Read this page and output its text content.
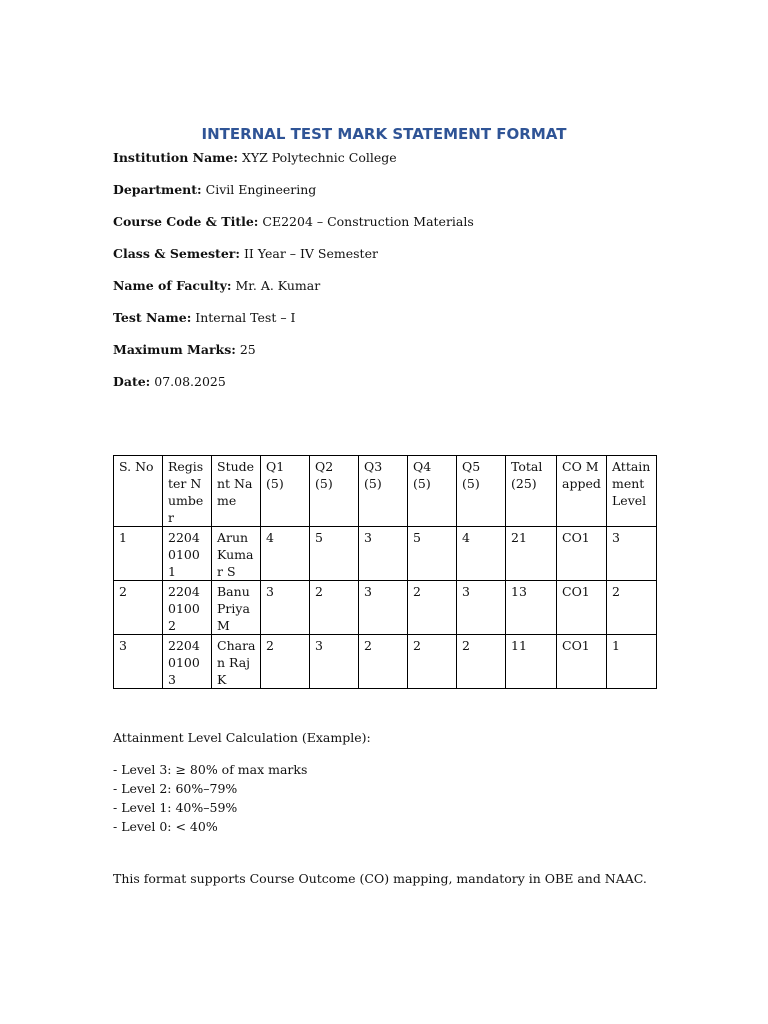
INTERNAL TEST MARK STATEMENT FORMAT
Institution Name: XYZ Polytechnic College
Department: Civil Engineering
Course Code & Title: CE2204 – Construction Materials
Class & Semester: II Year – IV Semester
Name of Faculty: Mr. A. Kumar
Test Name: Internal Test – I
Maximum Marks: 25
Date: 07.08.2025
S. No	Register Number	Student Name	Q1 (5)	Q2 (5)	Q3 (5)	Q4 (5)	Q5 (5)	Total (25)	CO Mapped	Attainment Level
1	22040100 1	Arun Kumar S	4	5	3	5	4	21	CO1	3
2	22040100 2	Banu Priya M	3	2	3	2	3	13	CO1	2
3	22040100 3	Charan Raj K	2	3	2	2	2	11	CO1	1
Attainment Level Calculation (Example):
- Level 3: ≥ 80% of max marks
- Level 2: 60%–79%
- Level 1: 40%–59%
- Level 0: < 40%
This format supports Course Outcome (CO) mapping, mandatory in OBE and NAAC.
